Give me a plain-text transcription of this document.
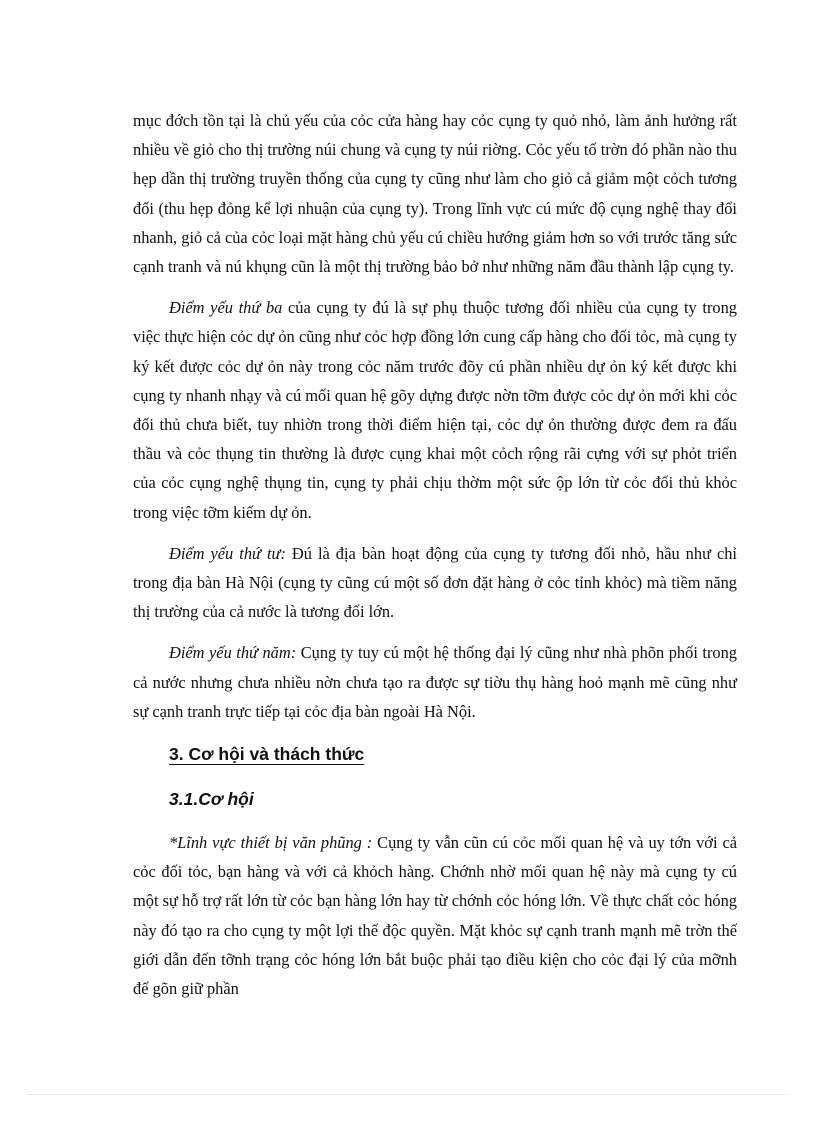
mục đớch tồn tại là chủ yếu của cỏc cửa hàng hay cỏc cụng ty quỏ nhỏ, làm ảnh hưởng rất nhiều về giỏ cho thị trường núi chung và cụng ty núi riờng. Cỏc yếu tố trờn đó phần nào thu hẹp dần thị trường truyền thống của cụng ty cũng như làm cho giỏ cả giảm một cỏch tương đối (thu hẹp đỏng kể lợi nhuận của cụng ty). Trong lĩnh vực cú mức độ cụng nghệ thay đổi nhanh, giỏ cả của cỏc loại mặt hàng chủ yếu cú chiều hướng giảm hơn so với trước tăng sức cạnh tranh và nú khụng cũn là một thị trường bảo bở như những năm đầu thành lập cụng ty.

Điểm yếu thứ ba của cụng ty đú là sự phụ thuộc tương đối nhiều của cụng ty trong việc thực hiện cỏc dự ỏn cũng như cỏc hợp đồng lớn cung cấp hàng cho đối tỏc, mà cụng ty ký kết được cỏc dự ỏn này trong cỏc năm trước đõy cú phần nhiều dự ỏn ký kết được khi cụng ty nhanh nhạy và cú mối quan hệ gõy dựng được nờn tỡm được cỏc dự ỏn mới khi cỏc đối thủ chưa biết, tuy nhiờn trong thời điểm hiện tại, cỏc dự ỏn thường được đem ra đấu thầu và cỏc thụng tin thường là được cụng khai một cỏch rộng rãi cựng với sự phỏt triển của cỏc cụng nghệ thụng tin, cụng ty phải chịu thờm một sức ộp lớn từ cỏc đối thủ khỏc trong việc tỡm kiếm dự ỏn.

Điểm yếu thứ tư: Đú là địa bàn hoạt động của cụng ty tương đối nhỏ, hầu như chỉ trong địa bàn Hà Nội (cụng ty cũng cú một số đơn đặt hàng ở cỏc tỉnh khỏc) mà tiềm năng thị trường của cả nước là tương đối lớn.

Điểm yếu thứ năm: Cụng ty tuy cú một hệ thống đại lý cũng như nhà phõn phối trong cả nước nhưng chưa nhiều nờn chưa tạo ra được sự tiờu thụ hàng hoỏ mạnh mẽ cũng như sự cạnh tranh trực tiếp tại cỏc địa bàn ngoài Hà Nội.

3. Cơ hội và thách thức
3.1.Cơ hội

*Lĩnh vực thiết bị văn phũng : Cụng ty vẫn cũn cú cỏc mối quan hệ và uy tớn với cả cỏc đối tỏc, bạn hàng và với cả khỏch hàng. Chớnh nhờ mối quan hệ này mà cụng ty cú một sự hỗ trợ rất lớn từ cỏc bạn hàng lớn hay từ chớnh cỏc hóng lớn. Về thực chất cỏc hóng này đó tạo ra cho cụng ty một lợi thế độc quyền. Mặt khỏc sự cạnh tranh mạnh mẽ trờn thế giới dẫn đến tỡnh trạng cỏc hóng lớn bắt buộc phải tạo điều kiện cho cỏc đại lý của mỡnh để gõn giữ phần
